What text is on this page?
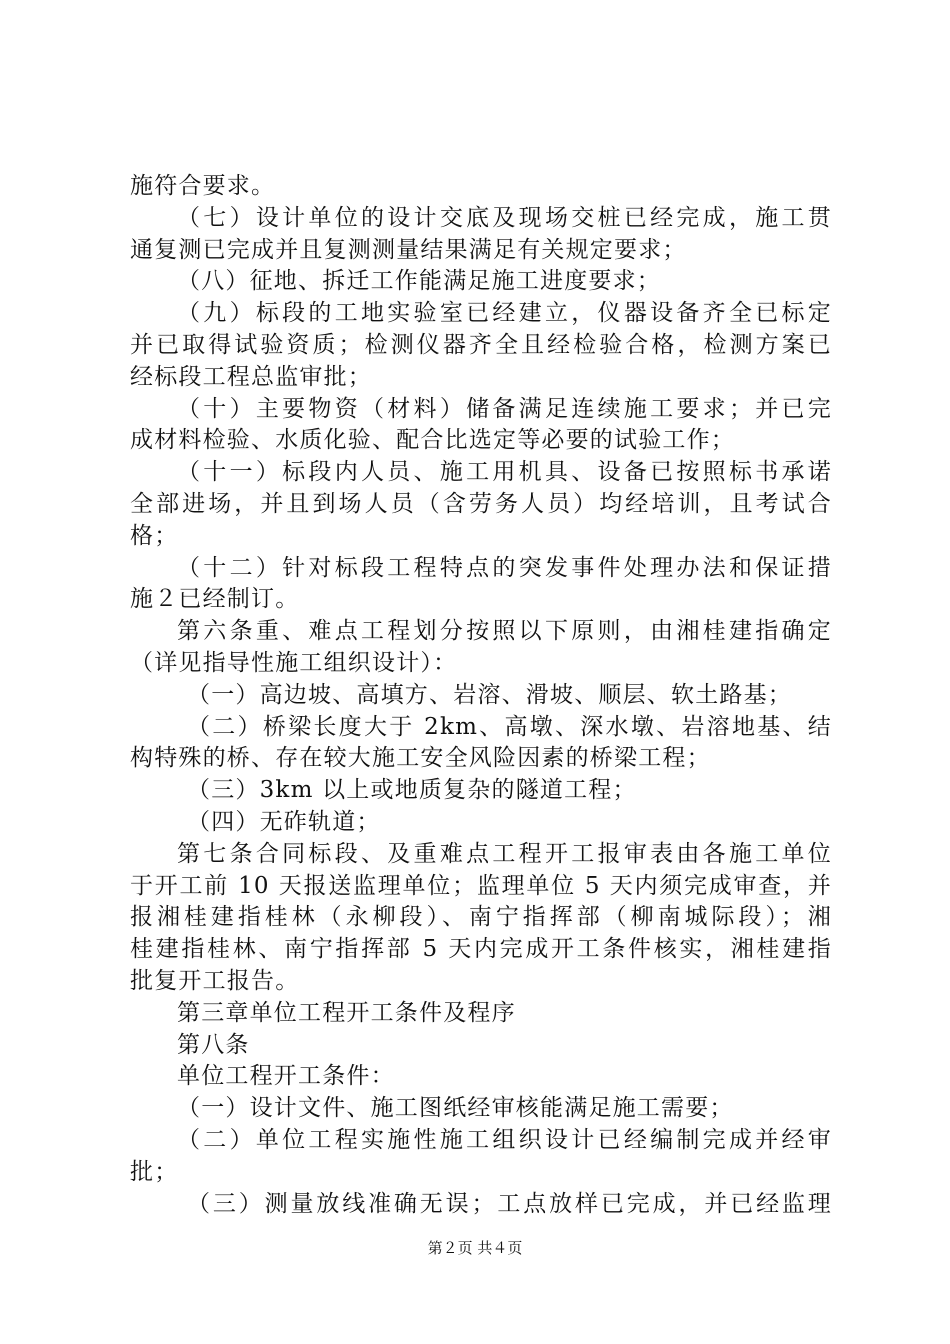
施符合要求。
（七）设计单位的设计交底及现场交桩已经完成，施工贯
通复测已完成并且复测测量结果满足有关规定要求；
（八）征地、拆迁工作能满足施工进度要求；
（九）标段的工地实验室已经建立，仪器设备齐全已标定
并已取得试验资质；检测仪器齐全且经检验合格，检测方案已
经标段工程总监审批；
（十）主要物资（材料）储备满足连续施工要求；并已完
成材料检验、水质化验、配合比选定等必要的试验工作；
（十一）标段内人员、施工用机具、设备已按照标书承诺
全部进场，并且到场人员（含劳务人员）均经培训，且考试合
格；
（十二）针对标段工程特点的突发事件处理办法和保证措
施２已经制订。
第六条重、难点工程划分按照以下原则，由湘桂建指确定
（详见指导性施工组织设计）：
（一）高边坡、高填方、岩溶、滑坡、顺层、软土路基；
（二）桥梁长度大于 2km、高墩、深水墩、岩溶地基、结
构特殊的桥、存在较大施工安全风险因素的桥梁工程；
（三）3km 以上或地质复杂的隧道工程；
（四）无砟轨道；
第七条合同标段、及重难点工程开工报审表由各施工单位
于开工前 10 天报送监理单位；监理单位 5 天内须完成审查，并
报湘桂建指桂林（永柳段）、南宁指挥部（柳南城际段）；湘
桂建指桂林、南宁指挥部 5 天内完成开工条件核实，湘桂建指
批复开工报告。
第三章单位工程开工条件及程序
第八条
单位工程开工条件：
（一）设计文件、施工图纸经审核能满足施工需要；
（二）单位工程实施性施工组织设计已经编制完成并经审
批；
（三）测量放线准确无误；工点放样已完成，并已经监理
第２页 共４页
